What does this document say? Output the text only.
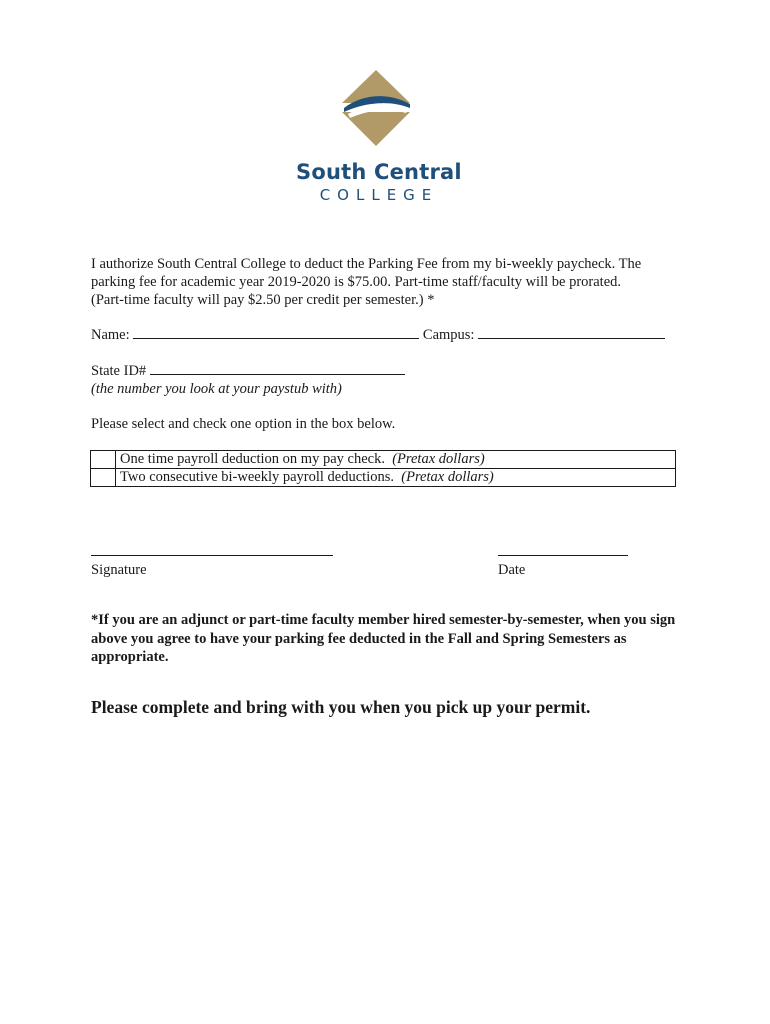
South Central
COLLEGE
I authorize South Central College to deduct the Parking Fee from my bi-weekly paycheck. The
parking fee for academic year 2019-2020 is $75.00. Part-time staff/faculty will be prorated.
(Part-time faculty will pay $2.50 per credit per semester.) *
Name:	Campus:
State ID#
(the number you look at your paystub with)
Please select and check one option in the box below.
	One time payroll deduction on my pay check. (Pretax dollars)
	Two consecutive bi-weekly payroll deductions. (Pretax dollars)
Signature	Date
*If you are an adjunct or part-time faculty member hired semester-by-semester, when you sign above you agree to have your parking fee deducted in the Fall and Spring Semesters as appropriate.
Please complete and bring with you when you pick up your permit.
